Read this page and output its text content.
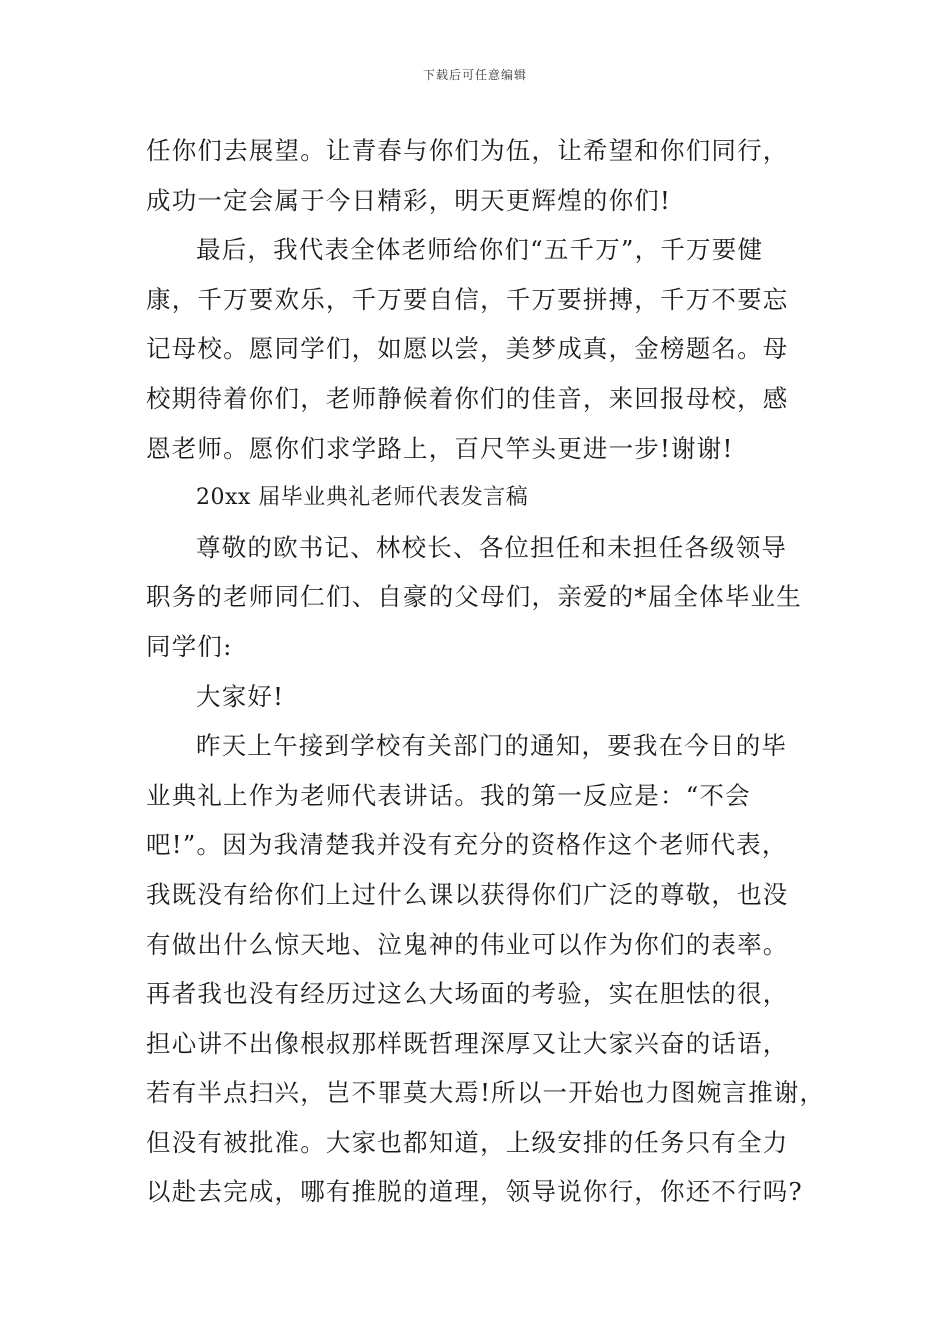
下载后可任意编辑
任你们去展望。让青春与你们为伍，让希望和你们同行，
成功一定会属于今日精彩，明天更辉煌的你们!
最后，我代表全体老师给你们“五千万”，千万要健
康，千万要欢乐，千万要自信，千万要拼搏，千万不要忘
记母校。愿同学们，如愿以尝，美梦成真，金榜题名。母
校期待着你们，老师静候着你们的佳音，来回报母校，感
恩老师。愿你们求学路上，百尺竿头更进一步!谢谢!
20xx 届毕业典礼老师代表发言稿
尊敬的欧书记、林校长、各位担任和未担任各级领导
职务的老师同仁们、自豪的父母们，亲爱的*届全体毕业生
同学们:
大家好!
昨天上午接到学校有关部门的通知，要我在今日的毕
业典礼上作为老师代表讲话。我的第一反应是：“不会
吧!”。因为我清楚我并没有充分的资格作这个老师代表，
我既没有给你们上过什么课以获得你们广泛的尊敬，也没
有做出什么惊天地、泣鬼神的伟业可以作为你们的表率。
再者我也没有经历过这么大场面的考验，实在胆怯的很，
担心讲不出像根叔那样既哲理深厚又让大家兴奋的话语，
若有半点扫兴，岂不罪莫大焉!所以一开始也力图婉言推谢，
但没有被批准。大家也都知道，上级安排的任务只有全力
以赴去完成，哪有推脱的道理，领导说你行，你还不行吗?
